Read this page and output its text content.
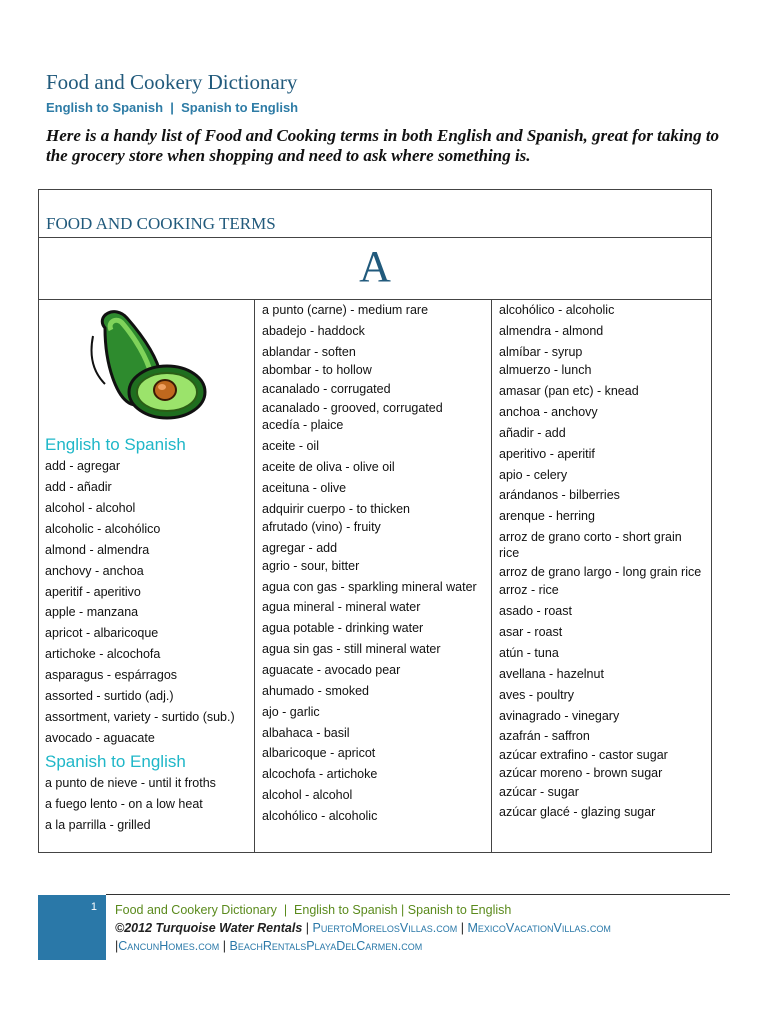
Food and Cookery Dictionary
English to Spanish  |  Spanish to English
Here is a handy list of Food and Cooking terms in both English and Spanish, great for taking to the grocery store when shopping and need to ask where something is.
FOOD AND COOKING TERMS
A
English to Spanish
add - agregar
add - añadir
alcohol - alcohol
alcoholic - alcohólico
almond - almendra
anchovy - anchoa
aperitif - aperitivo
apple - manzana
apricot - albaricoque
artichoke - alcochofa
asparagus - espárragos
assorted - surtido (adj.)
assortment, variety - surtido (sub.)
avocado - aguacate
Spanish to English
a punto de nieve - until it froths
a fuego lento - on a low heat
a la parrilla - grilled
a punto (carne) - medium rare
abadejo - haddock
ablandar - soften
abombar - to hollow
acanalado - corrugated
acanalado - grooved, corrugated
acedía - plaice
aceite - oil
aceite de oliva - olive oil
aceituna - olive
adquirir cuerpo - to thicken
afrutado (vino) - fruity
agregar - add
agrio - sour, bitter
agua con gas - sparkling mineral water
agua mineral - mineral water
agua potable - drinking water
agua sin gas - still mineral water
aguacate - avocado pear
ahumado - smoked
ajo - garlic
albahaca - basil
albaricoque - apricot
alcochofa - artichoke
alcohol - alcohol
alcohólico - alcoholic
alcohólico - alcoholic
almendra - almond
almíbar - syrup
almuerzo - lunch
amasar (pan etc) - knead
anchoa - anchovy
añadir - add
aperitivo - aperitif
apio - celery
arándanos - bilberries
arenque - herring
arroz de grano corto - short grain rice
arroz de grano largo - long grain rice
arroz - rice
asado - roast
asar - roast
atún - tuna
avellana - hazelnut
aves - poultry
avinagrado - vinegary
azafrán - saffron
azúcar extrafino - castor sugar
azúcar moreno - brown sugar
azúcar - sugar
azúcar glacé - glazing sugar
1 Food and Cookery Dictionary  |  English to Spanish | Spanish to English
©2012 Turquoise Water Rentals | PuertoMorelosVillas.com | MexicoVacationVillas.com
|CancunHomes.com | BeachRentalsPlayaDelCarmen.com
